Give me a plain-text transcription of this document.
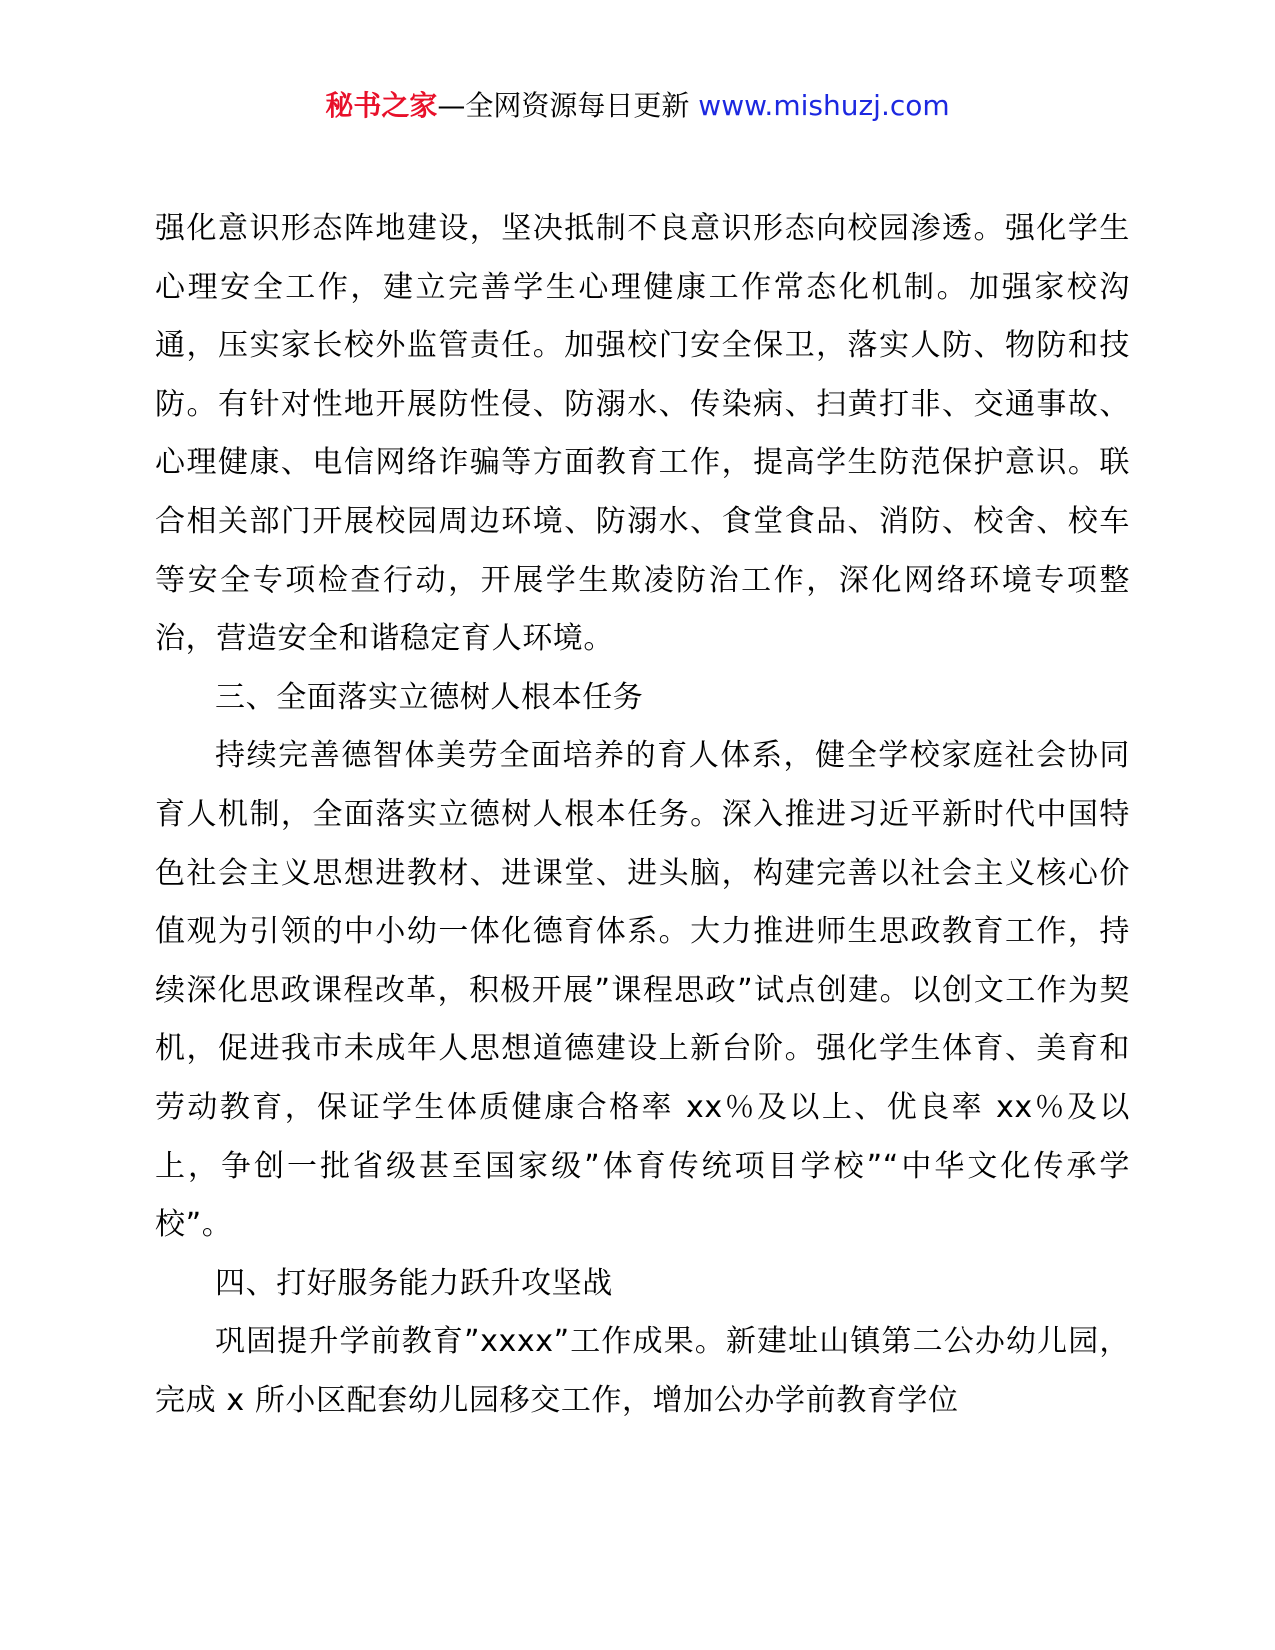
秘书之家—全网资源每日更新 www.mishuzj.com

强化意识形态阵地建设，坚决抵制不良意识形态向校园渗透。强化学生心理安全工作，建立完善学生心理健康工作常态化机制。加强家校沟通，压实家长校外监管责任。加强校门安全保卫，落实人防、物防和技防。有针对性地开展防性侵、防溺水、传染病、扫黄打非、交通事故、心理健康、电信网络诈骗等方面教育工作，提高学生防范保护意识。联合相关部门开展校园周边环境、防溺水、食堂食品、消防、校舍、校车等安全专项检查行动，开展学生欺凌防治工作，深化网络环境专项整治，营造安全和谐稳定育人环境。

三、全面落实立德树人根本任务

持续完善德智体美劳全面培养的育人体系，健全学校家庭社会协同育人机制，全面落实立德树人根本任务。深入推进习近平新时代中国特色社会主义思想进教材、进课堂、进头脑，构建完善以社会主义核心价值观为引领的中小幼一体化德育体系。大力推进师生思政教育工作，持续深化思政课程改革，积极开展”课程思政”试点创建。以创文工作为契机，促进我市未成年人思想道德建设上新台阶。强化学生体育、美育和劳动教育，保证学生体质健康合格率 xx％及以上、优良率 xx％及以上，争创一批省级甚至国家级”体育传统项目学校”“中华文化传承学校”。

四、打好服务能力跃升攻坚战

巩固提升学前教育”xxxx”工作成果。新建址山镇第二公办幼儿园，完成 x 所小区配套幼儿园移交工作，增加公办学前教育学位
